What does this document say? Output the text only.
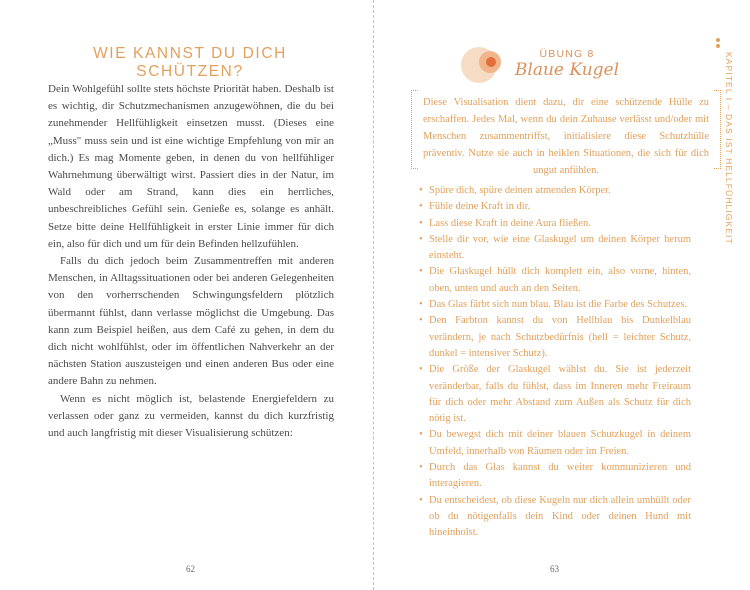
WIE KANNST DU DICH SCHÜTZEN?

Dein Wohlgefühl sollte stets höchste Priorität haben. Deshalb ist es wichtig, dir Schutzmechanismen anzugewöhnen, die du bei zunehmender Hellfühligkeit einsetzen musst. (Dieses eine „Muss" muss sein und ist eine wichtige Empfehlung von mir an dich.) Es mag Momente geben, in denen du von hellfühliger Wahrnehmung überwältigt wirst. Passiert dies in der Natur, im Wald oder am Strand, kann dies ein herrliches, unbeschreibliches Gefühl sein. Genieße es, solange es anhält. Setze bitte deine Hellfühligkeit in erster Linie immer für dich ein, also für dich und um für dein Befinden hellzufühlen.

Falls du dich jedoch beim Zusammentreffen mit anderen Menschen, in Alltagssituationen oder bei anderen Gelegenheiten von den vorherrschenden Schwingungsfeldern plötzlich übermannt fühlst, dann verlasse möglichst die Umgebung. Das kann zum Beispiel heißen, aus dem Café zu gehen, in dem du dich nicht wohlfühlst, oder im öffentlichen Nahverkehr an der nächsten Station auszusteigen und einen anderen Bus oder eine andere Bahn zu nehmen.

Wenn es nicht möglich ist, belastende Energiefeldern zu verlassen oder ganz zu vermeiden, kannst du dich kurzfristig und auch langfristig mit dieser Visualisierung schützen:

62
ÜBUNG 8
Blaue Kugel
Diese Visualisation dient dazu, dir eine schützende Hülle zu erschaffen. Jedes Mal, wenn du dein Zuhause verlässt und/oder mit Menschen zusammentriffst, initialisiere diese Schutzhülle präventiv. Nutze sie auch in heiklen Situationen, die sich für dich ungut anfühlen.
• Spüre dich, spüre deinen atmenden Körper.
• Fühle deine Kraft in dir.
• Lass diese Kraft in deine Aura fließen.
• Stelle dir vor, wie eine Glaskugel um deinen Körper herum einsteht.
• Die Glaskugel hüllt dich komplett ein, also vorne, hinten, oben, unten und auch an den Seiten.
• Das Glas färbt sich nun blau. Blau ist die Farbe des Schutzes.
• Den Farbton kannst du von Hellblau bis Dunkelblau verändern, je nach Schutzbedürfnis (hell = leichter Schutz, dunkel = intensiver Schutz).
• Die Größe der Glaskugel wählst du. Sie ist jederzeit veränderbar, falls du fühlst, dass im Inneren mehr Freiraum für dich oder mehr Abstand zum Außen als Schutz für dich nötig ist.
• Du bewegst dich mit deiner blauen Schutzkugel in deinem Umfeld, innerhalb von Räumen oder im Freien.
• Durch das Glas kannst du weiter kommunizieren und interagieren.
• Du entscheidest, ob diese Kugeln nur dich allein umhüllt oder ob du nötigenfalls dein Kind oder deinen Hund mit hineinholst.
KAPITEL I – DAS IST HELLFÜHLIGKEIT
63
